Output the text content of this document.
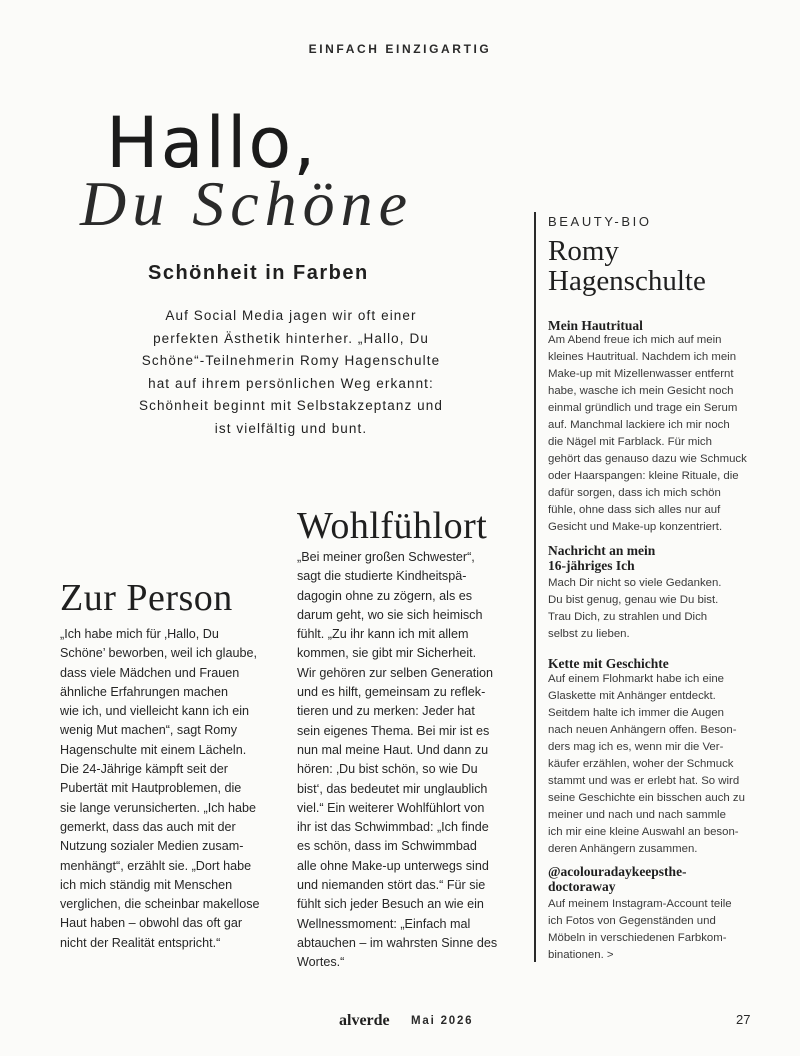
EINFACH EINZIGARTIG
Hallo,
Du Schöne
Schönheit in Farben
Auf Social Media jagen wir oft einer perfekten Ästhetik hinterher. „Hallo, Du Schöne“-Teilnehmerin Romy Hagenschulte hat auf ihrem persönlichen Weg erkannt: Schönheit beginnt mit Selbstakzeptanz und ist vielfältig und bunt.
Wohlfühlort
„Bei meiner großen Schwester“,
sagt die studierte Kindheitspä-
dagogin ohne zu zögern, als es
darum geht, wo sie sich heimisch
fühlt. „Zu ihr kann ich mit allem
kommen, sie gibt mir Sicherheit.
Wir gehören zur selben Generation
und es hilft, gemeinsam zu reflek-
tieren und zu merken: Jeder hat
sein eigenes Thema. Bei mir ist es
nun mal meine Haut. Und dann zu
hören: ‚Du bist schön, so wie Du
bist‘, das bedeutet mir unglaublich
viel.“ Ein weiterer Wohlfühlort von
ihr ist das Schwimmbad: „Ich finde
es schön, dass im Schwimmbad
alle ohne Make-up unterwegs sind
und niemanden stört das.“ Für sie
fühlt sich jeder Besuch an wie ein
Wellnessmoment: „Einfach mal
abtauchen – im wahrsten Sinne des
Wortes.“
Zur Person
„Ich habe mich für ‚Hallo, Du
Schöne’ beworben, weil ich glaube,
dass viele Mädchen und Frauen
ähnliche Erfahrungen machen
wie ich, und vielleicht kann ich ein
wenig Mut machen“, sagt Romy
Hagenschulte mit einem Lächeln.
Die 24-Jährige kämpft seit der
Pubertät mit Hautproblemen, die
sie lange verunsicherten. „Ich habe
gemerkt, dass das auch mit der
Nutzung sozialer Medien zusam-
menhängt“, erzählt sie. „Dort habe
ich mich ständig mit Menschen
verglichen, die scheinbar makellose
Haut haben – obwohl das oft gar
nicht der Realität entspricht.“
BEAUTY-BIO
Romy
Hagenschulte
Mein Hautritual
Am Abend freue ich mich auf mein
kleines Hautritual. Nachdem ich mein
Make-up mit Mizellenwasser entfernt
habe, wasche ich mein Gesicht noch
einmal gründlich und trage ein Serum
auf. Manchmal lackiere ich mir noch
die Nägel mit Farblack. Für mich
gehört das genauso dazu wie Schmuck
oder Haarspangen: kleine Rituale, die
dafür sorgen, dass ich mich schön
fühle, ohne dass sich alles nur auf
Gesicht und Make-up konzentriert.
Nachricht an mein
16-jähriges Ich
Mach Dir nicht so viele Gedanken.
Du bist genug, genau wie Du bist.
Trau Dich, zu strahlen und Dich
selbst zu lieben.
Kette mit Geschichte
Auf einem Flohmarkt habe ich eine
Glaskette mit Anhänger entdeckt.
Seitdem halte ich immer die Augen
nach neuen Anhängern offen. Beson-
ders mag ich es, wenn mir die Ver-
käufer erzählen, woher der Schmuck
stammt und was er erlebt hat. So wird
seine Geschichte ein bisschen auch zu
meiner und nach und nach sammle
ich mir eine kleine Auswahl an beson-
deren Anhängern zusammen.
@acolouradaykeepsthe-
doctoraway
Auf meinem Instagram-Account teile
ich Fotos von Gegenständen und
Möbeln in verschiedenen Farbkom-
binationen. >
alverde Mai 2026	27
